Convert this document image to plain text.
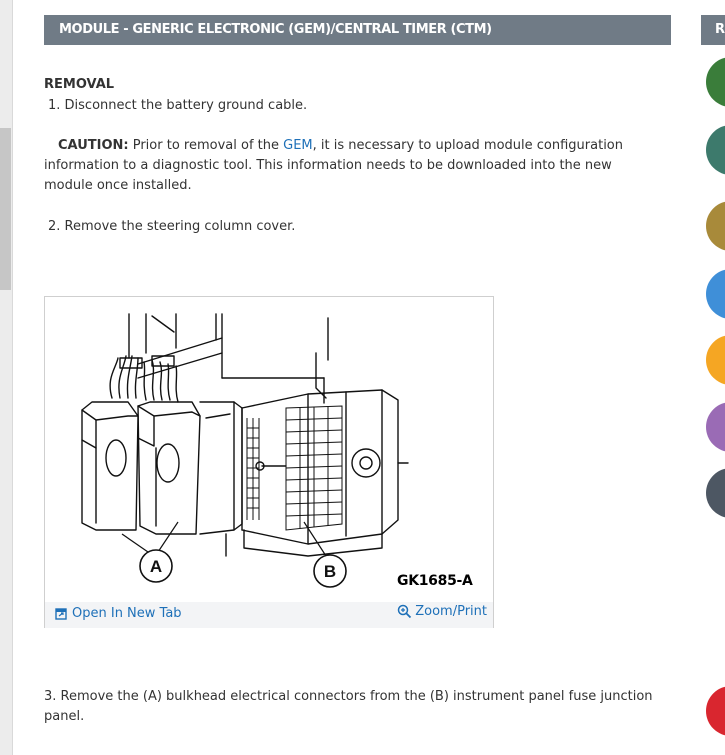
MODULE - GENERIC ELECTRONIC (GEM)/CENTRAL TIMER (CTM)	R
REMOVAL
1. Disconnect the battery ground cable.
CAUTION: Prior to removal of the GEM, it is necessary to upload module configuration information to a diagnostic tool. This information needs to be downloaded into the new module once installed.
2. Remove the steering column cover.
3. Remove the (A) bulkhead electrical connectors from the (B) instrument panel fuse junction panel.
A	B	GK1685-A
Open In New Tab	Zoom/Print
